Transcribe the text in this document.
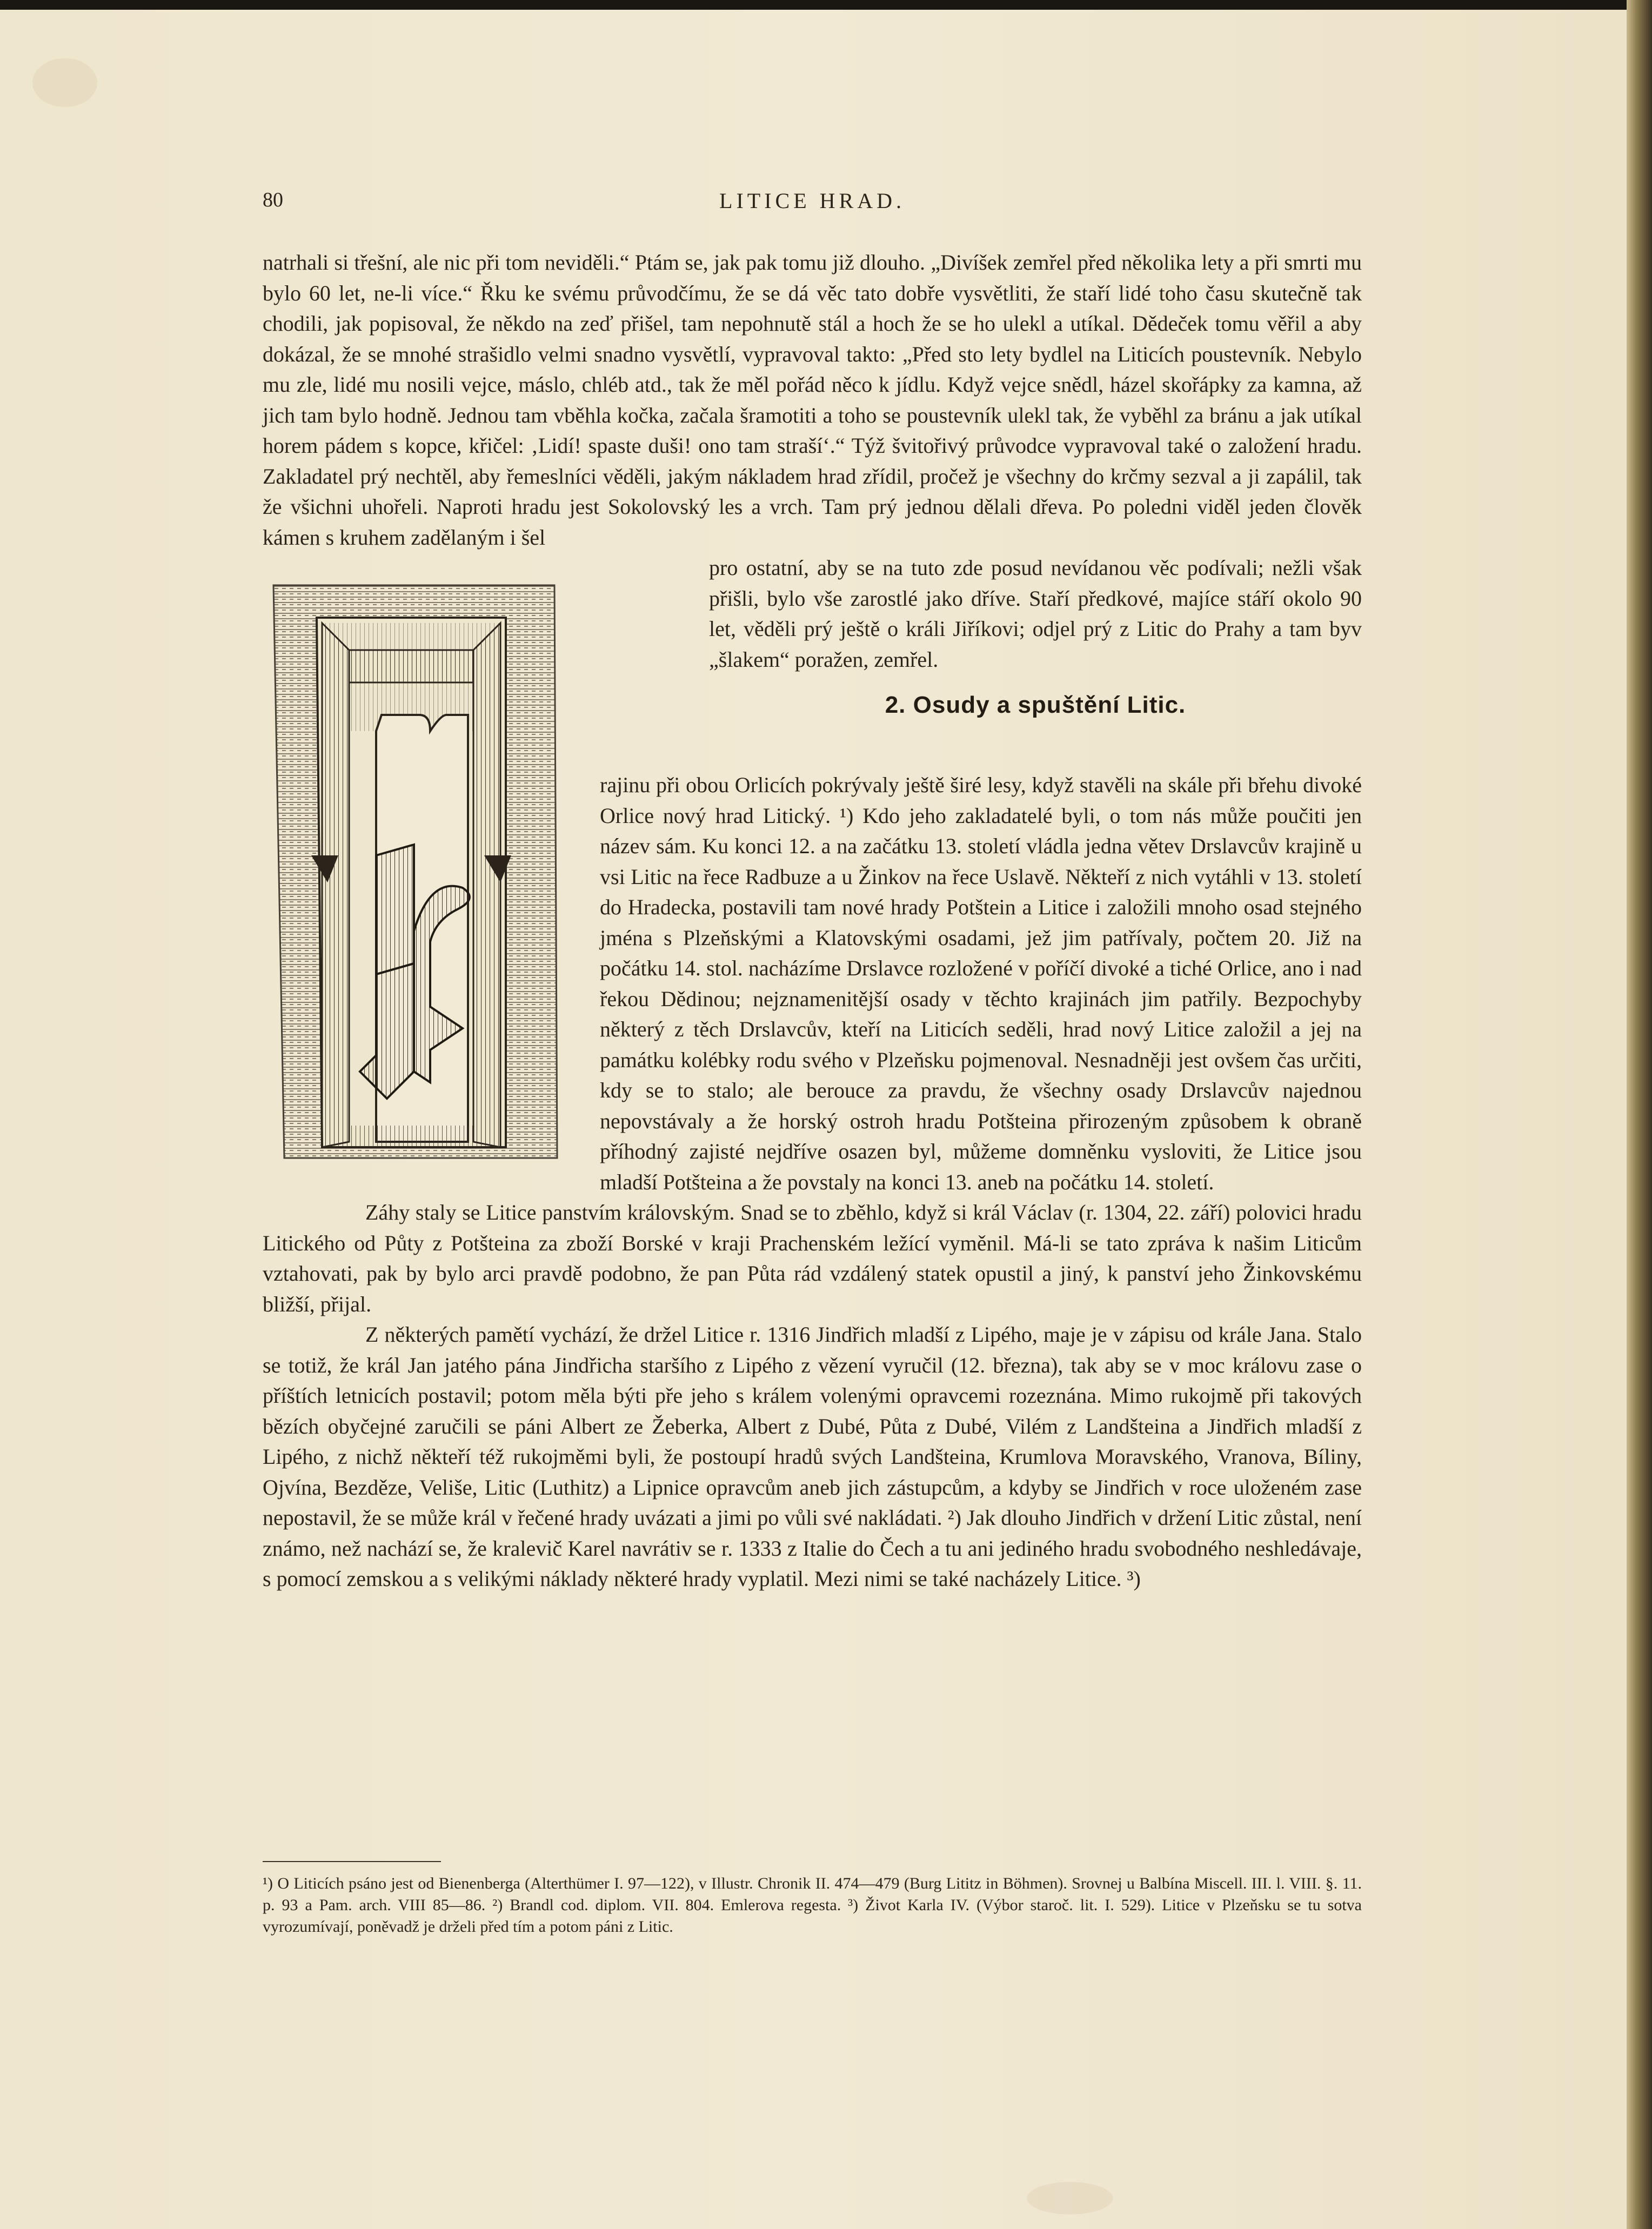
80	LITICE HRAD.

natrhali si třešní, ale nic při tom neviděli.“ Ptám se, jak pak tomu již dlouho. „Divíšek zemřel před několika lety a při smrti mu bylo 60 let, ne-li více.“ Řku ke svému průvodčímu, že se dá věc tato dobře vysvětliti, že staří lidé toho času skutečně tak chodili, jak popisoval, že někdo na zeď přišel, tam nepohnutě stál a hoch že se ho ulekl a utíkal. Dědeček tomu věřil a aby dokázal, že se mnohé strašidlo velmi snadno vysvětlí, vypravoval takto: „Před sto lety bydlel na Liticích poustevník. Nebylo mu zle, lidé mu nosili vejce, máslo, chléb atd., tak že měl pořád něco k jídlu. Když vejce snědl, házel skořápky za kamna, až jich tam bylo hodně. Jednou tam vběhla kočka, začala šramotiti a toho se poustevník ulekl tak, že vyběhl za bránu a jak utíkal horem pádem s kopce, křičel: ‚Lidí! spaste duši! ono tam straší‘.“ Týž švitořivý průvodce vypravoval také o založení hradu. Zakladatel prý nechtěl, aby řemeslníci věděli, jakým nákladem hrad zřídil, pročež je všechny do krčmy sezval a ji zapálil, tak že všichni uhořeli. Naproti hradu jest Sokolovský les a vrch. Tam prý jednou dělali dřeva. Po poledni viděl jeden člověk kámen s kruhem zadělaným i šel

pro ostatní, aby se na tuto zde posud nevídanou věc podívali; nežli však přišli, bylo vše zarostlé jako dříve. Staří předkové, majíce stáří okolo 90 let, věděli prý ještě o králi Jiříkovi; odjel prý z Litic do Prahy a tam byv „šlakem“ poražen, zemřel.

2. Osudy a spuštění Litic.

rajinu při obou Orlicích pokrývaly ještě širé lesy, když stavěli na skále při břehu divoké Orlice nový hrad Litický. ¹) Kdo jeho zakladatelé byli, o tom nás může poučiti jen název sám. Ku konci 12. a na začátku 13. století vládla jedna větev Drslavcův krajině u vsi Litic na řece Radbuze a u Žinkov na řece Uslavě. Někteří z nich vytáhli v 13. století do Hradecka, postavili tam nové hrady Potštein a Litice i založili mnoho osad stejného jména s Plzeňskými a Klatovskými osadami, jež jim patřívaly, počtem 20. Již na počátku 14. stol. nacházíme Drslavce rozložené v poříčí divoké a tiché Orlice, ano i nad řekou Dědinou; nejznamenitější osady v těchto krajinách jim patřily. Bezpochyby některý z těch Drslavcův, kteří na Liticích seděli, hrad nový Litice založil a jej na památku kolébky rodu svého v Plzeňsku pojmenoval. Nesnadněji jest ovšem čas určiti, kdy se to stalo; ale berouce za pravdu, že všechny osady Drslavcův najednou nepovstávaly a že horský ostroh hradu Potšteina přirozeným způsobem k obraně příhodný zajisté nejdříve osazen byl, můžeme domněnku vysloviti, že Litice jsou mladší Potšteina a že povstaly na konci 13. aneb na počátku 14. století.

Záhy staly se Litice panstvím královským. Snad se to zběhlo, když si král Václav (r. 1304, 22. září) polovici hradu Litického od Půty z Potšteina za zboží Borské v kraji Prachenském ležící vyměnil. Má-li se tato zpráva k našim Liticům vztahovati, pak by bylo arci pravdě podobno, že pan Půta rád vzdálený statek opustil a jiný, k panství jeho Žinkovskému bližší, přijal.

Z některých pamětí vychází, že držel Litice r. 1316 Jindřich mladší z Lipého, maje je v zápisu od krále Jana. Stalo se totiž, že král Jan jatého pána Jindřicha staršího z Lipého z vězení vyručil (12. března), tak aby se v moc královu zase o příštích letnicích postavil; potom měla býti pře jeho s králem volenými opravcemi rozeznána. Mimo rukojmě při takových bězích obyčejné zaručili se páni Albert ze Žeberka, Albert z Dubé, Půta z Dubé, Vilém z Landšteina a Jindřich mladší z Lipého, z nichž někteří též rukojměmi byli, že postoupí hradů svých Landšteina, Krumlova Moravského, Vranova, Bíliny, Ojvína, Bezděze, Veliše, Litic (Luthitz) a Lipnice opravcům aneb jich zástupcům, a kdyby se Jindřich v roce uloženém zase nepostavil, že se může král v řečené hrady uvázati a jimi po vůli své nakládati. ²) Jak dlouho Jindřich v držení Litic zůstal, není známo, než nachází se, že kralevič Karel navrátiv se r. 1333 z Italie do Čech a tu ani jediného hradu svobodného neshledávaje, s pomocí zemskou a s velikými náklady některé hrady vyplatil. Mezi nimi se také nacházely Litice. ³)

¹) O Liticích psáno jest od Bienenberga (Alterthümer I. 97—122), v Illustr. Chronik II. 474—479 (Burg Lititz in Böhmen). Srovnej u Balbína Miscell. III. l. VIII. §. 11. p. 93 a Pam. arch. VIII 85—86. ²) Brandl cod. diplom. VII. 804. Emlerova regesta. ³) Život Karla IV. (Výbor staroč. lit. I. 529). Litice v Plzeňsku se tu sotva vyrozumívají, poněvadž je drželi před tím a potom páni z Litic.
